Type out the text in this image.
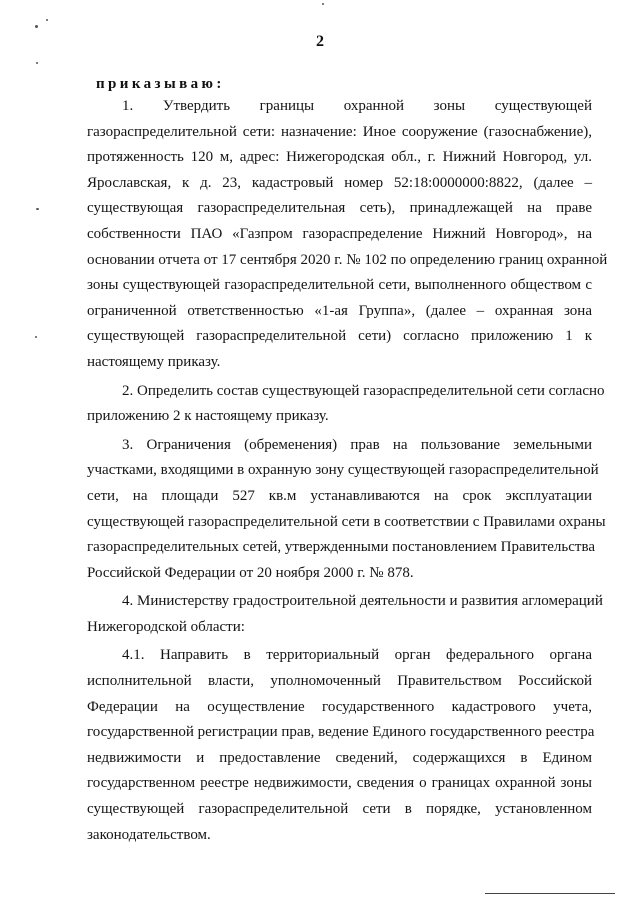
2
приказываю:
1. Утвердить границы охранной зоны существующей
газораспределительной сети: назначение: Иное сооружение (газоснабжение),
протяженность 120 м, адрес: Нижегородская обл., г. Нижний Новгород, ул.
Ярославская, к д. 23, кадастровый номер 52:18:0000000:8822, (далее –
существующая газораспределительная сеть), принадлежащей на праве
собственности ПАО «Газпром газораспределение Нижний Новгород», на
основании отчета от 17 сентября 2020 г. № 102 по определению границ охранной
зоны существующей газораспределительной сети, выполненного обществом с
ограниченной ответственностью «1-ая Группа», (далее – охранная зона
существующей газораспределительной сети) согласно приложению 1 к
настоящему приказу.
2. Определить состав существующей газораспределительной сети согласно
приложению 2 к настоящему приказу.
3. Ограничения (обременения) прав на пользование земельными
участками, входящими в охранную зону существующей газораспределительной
сети, на площади 527 кв.м устанавливаются на срок эксплуатации
существующей газораспределительной сети в соответствии с Правилами охраны
газораспределительных сетей, утвержденными постановлением Правительства
Российской Федерации от 20 ноября 2000 г. № 878.
4. Министерству градостроительной деятельности и развития агломераций
Нижегородской области:
4.1. Направить в территориальный орган федерального органа
исполнительной власти, уполномоченный Правительством Российской
Федерации на осуществление государственного кадастрового учета,
государственной регистрации прав, ведение Единого государственного реестра
недвижимости и предоставление сведений, содержащихся в Едином
государственном реестре недвижимости, сведения о границах охранной зоны
существующей газораспределительной сети в порядке, установленном
законодательством.
